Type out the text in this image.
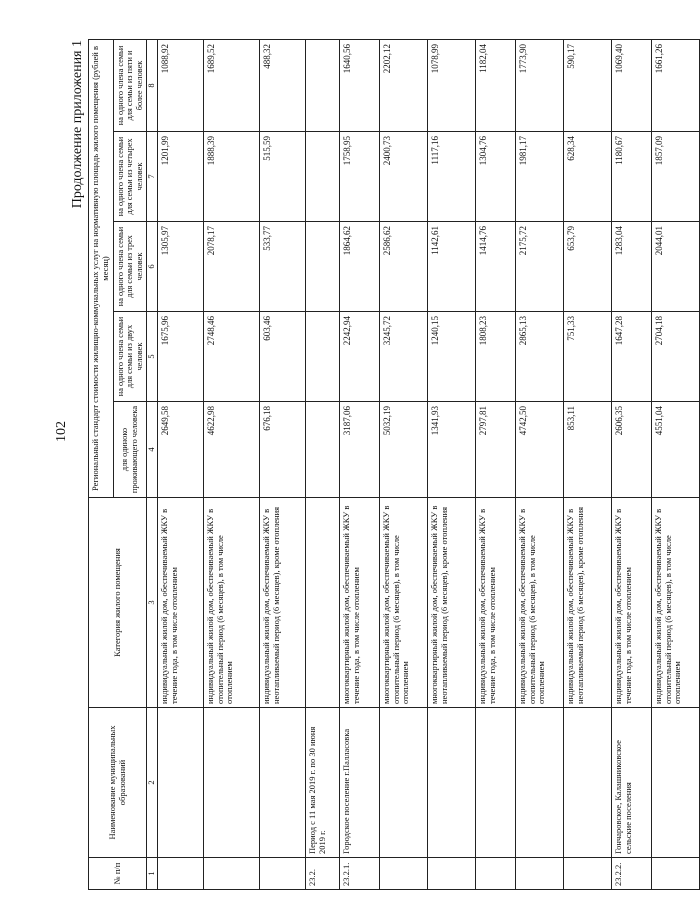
102
Продолжение приложения 1
№ п/п	Наименование муниципальных образований	Категория жилого помещения	Региональный стандарт стоимости жилищно-коммунальных услуг на нормативную площадь жилого помещения (рублей в месяц)				
			для одиноко проживающего человека	на одного члена семьи для семьи из двух человек	на одного члена семьи для семьи из трех человек	на одного члена семьи для семьи из четырех человек	на одного члена семьи для семьи из пяти и более человек
1	2	3	4	5	6	7	8
		индивидуальный жилой дом, обеспечиваемый ЖКУ в течение года, в том числе отоплением	2649,58	1675,96	1305,97	1201,99	1088,92
		индивидуальный жилой дом, обеспечиваемый ЖКУ в отопительный период (6 месяцев), в том числе отоплением	4622,98	2748,46	2078,17	1888,39	1689,52
		индивидуальный жилой дом, обеспечиваемый ЖКУ в неотапливаемый период (6 месяцев), кроме отопления	676,18	603,46	533,77	515,59	488,32
23.2.	Период с 11 мая 2019 г. по 30 июня 2019 г.						
23.2.1.	Городское поселение г.Палласовка	многоквартирный жилой дом, обеспечиваемый ЖКУ в течение года, в том числе отоплением	3187,06	2242,94	1864,62	1758,95	1640,56
		многоквартирный жилой дом, обеспечиваемый ЖКУ в отопительный период (6 месяцев), в том числе отоплением	5032,19	3245,72	2586,62	2400,73	2202,12
		многоквартирный жилой дом, обеспечиваемый ЖКУ в неотапливаемый период (6 месяцев), кроме отопления	1341,93	1240,15	1142,61	1117,16	1078,99
		индивидуальный жилой дом, обеспечиваемый ЖКУ в течение года, в том числе отоплением	2797,81	1808,23	1414,76	1304,76	1182,04
		индивидуальный жилой дом, обеспечиваемый ЖКУ в отопительный период (6 месяцев), в том числе отоплением	4742,50	2865,13	2175,72	1981,17	1773,90
		индивидуальный жилой дом, обеспечиваемый ЖКУ в неотапливаемый период (6 месяцев), кроме отопления	853,11	751,33	653,79	628,34	590,17
23.2.2.	Гончаровское, Калашниковское сельские поселения	индивидуальный жилой дом, обеспечиваемый ЖКУ в течение года, в том числе отоплением	2606,35	1647,28	1283,04	1180,67	1069,40
		индивидуальный жилой дом, обеспечиваемый ЖКУ в отопительный период (6 месяцев), в том числе отоплением	4551,04	2704,18	2044,01	1857,09	1661,26
